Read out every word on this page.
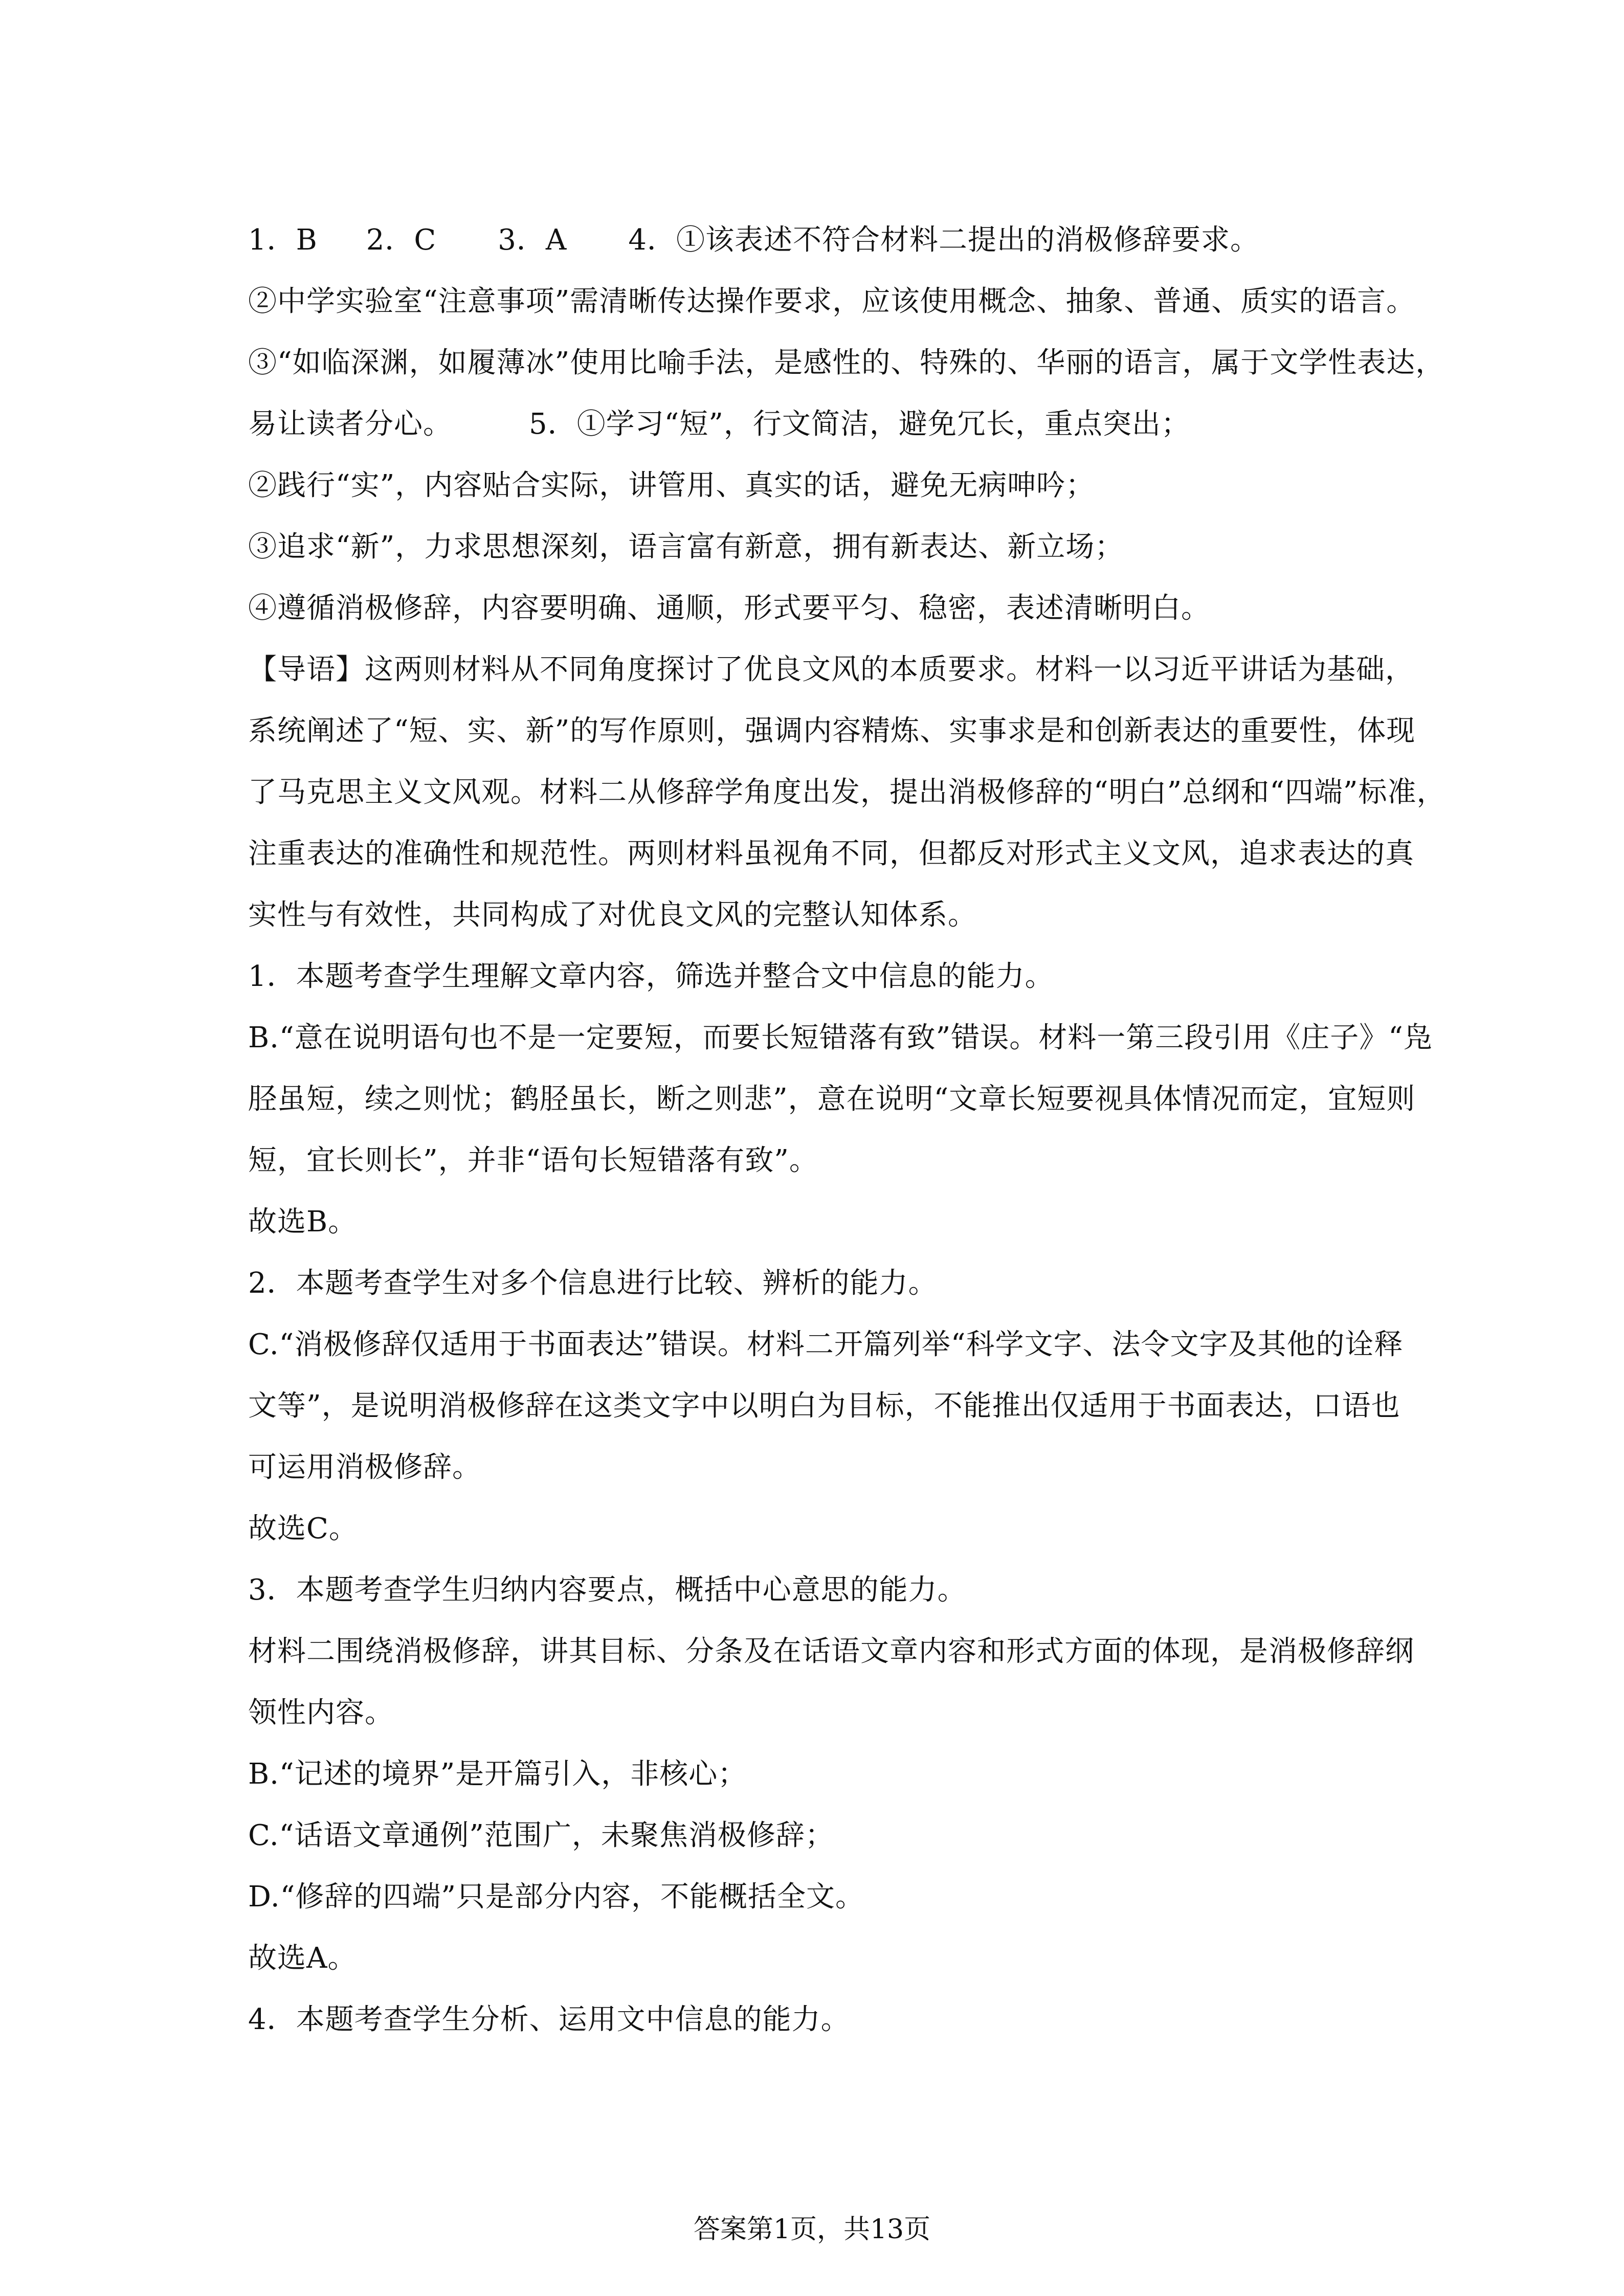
1．B 2．C 3．A 4．①该表述不符合材料二提出的消极修辞要求。
②中学实验室“注意事项”需清晰传达操作要求，应该使用概念、抽象、普通、质实的语言。
③“如临深渊，如履薄冰”使用比喻手法，是感性的、特殊的、华丽的语言，属于文学性表达，
易让读者分心。	5．①学习“短”，行文简洁，避免冗长，重点突出；
②践行“实”，内容贴合实际，讲管用、真实的话，避免无病呻吟；
③追求“新”，力求思想深刻，语言富有新意，拥有新表达、新立场；
④遵循消极修辞，内容要明确、通顺，形式要平匀、稳密，表述清晰明白。
【导语】这两则材料从不同角度探讨了优良文风的本质要求。材料一以习近平讲话为基础，
系统阐述了“短、实、新”的写作原则，强调内容精炼、实事求是和创新表达的重要性，体现
了马克思主义文风观。材料二从修辞学角度出发，提出消极修辞的“明白”总纲和“四端”标准，
注重表达的准确性和规范性。两则材料虽视角不同，但都反对形式主义文风，追求表达的真
实性与有效性，共同构成了对优良文风的完整认知体系。
1．本题考查学生理解文章内容，筛选并整合文中信息的能力。
B.“意在说明语句也不是一定要短，而要长短错落有致”错误。材料一第三段引用《庄子》“凫
胫虽短，续之则忧；鹤胫虽长，断之则悲”，意在说明“文章长短要视具体情况而定，宜短则
短，宜长则长”，并非“语句长短错落有致”。
故选B。
2．本题考查学生对多个信息进行比较、辨析的能力。
C.“消极修辞仅适用于书面表达”错误。材料二开篇列举“科学文字、法令文字及其他的诠释
文等”，是说明消极修辞在这类文字中以明白为目标，不能推出仅适用于书面表达，口语也
可运用消极修辞。
故选C。
3．本题考查学生归纳内容要点，概括中心意思的能力。
材料二围绕消极修辞，讲其目标、分条及在话语文章内容和形式方面的体现，是消极修辞纲
领性内容。
B.“记述的境界”是开篇引入，非核心；
C.“话语文章通例”范围广，未聚焦消极修辞；
D.“修辞的四端”只是部分内容，不能概括全文。
故选A。
4．本题考查学生分析、运用文中信息的能力。
答案第1页，共13页
